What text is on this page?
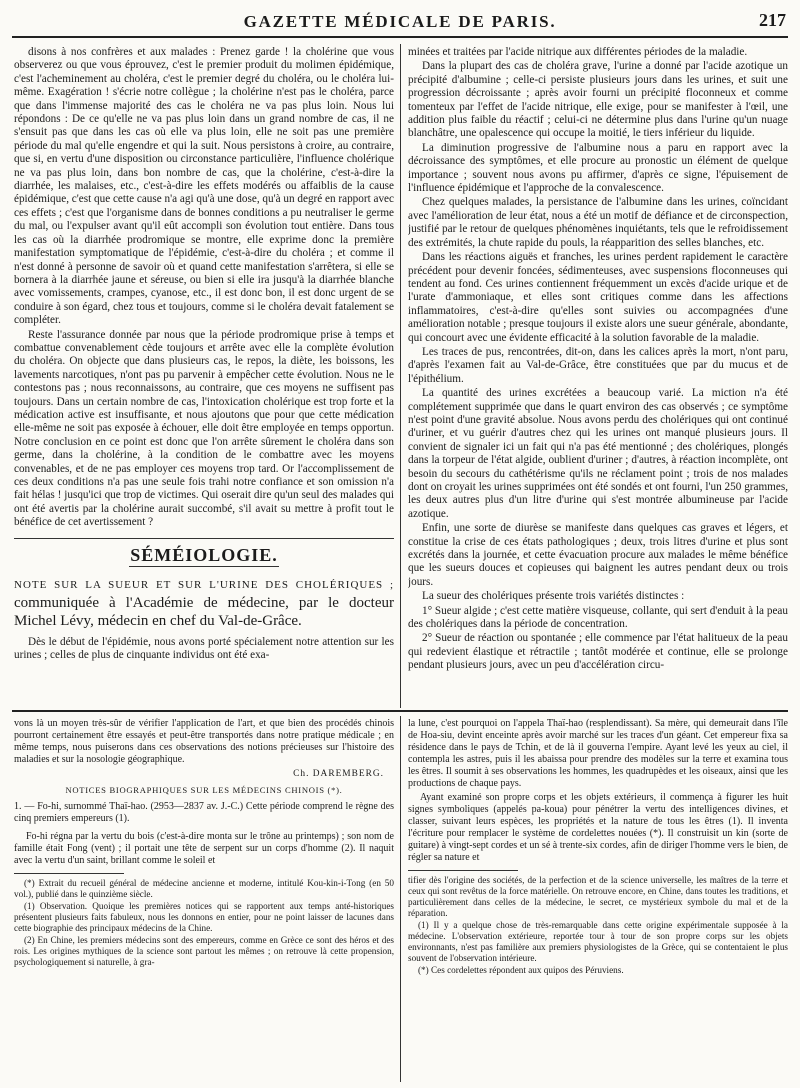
GAZETTE MÉDICALE DE PARIS.	217

disons à nos confrères et aux malades : Prenez garde ! la cholérine que vous observerez ou que vous éprouvez, c'est le premier produit du molimen épidémique, c'est l'acheminement au choléra, c'est le premier degré du choléra, ou le choléra lui-même. Exagération ! s'écrie notre collègue ; la cholérine n'est pas le choléra, parce que dans l'immense majorité des cas le choléra ne va pas plus loin. Nous lui répondons : De ce qu'elle ne va pas plus loin dans un grand nombre de cas, il ne s'ensuit pas que dans les cas où elle va plus loin, elle ne soit pas une première période du mal qu'elle engendre et qui la suit. Nous persistons à croire, au contraire, que si, en vertu d'une disposition ou circonstance particulière, l'influence cholérique ne va pas plus loin, dans bon nombre de cas, que la cholérine, c'est-à-dire la diarrhée, les malaises, etc., c'est-à-dire les effets modérés ou affaiblis de la cause épidémique, c'est que cette cause n'a agi qu'à une dose, qu'à un degré en rapport avec ces effets ; c'est que l'organisme dans de bonnes conditions a pu neutraliser le germe du mal, ou l'expulser avant qu'il eût accompli son évolution tout entière. Dans tous les cas où la diarrhée prodromique se montre, elle exprime donc la première manifestation symptomatique de l'épidémie, c'est-à-dire du choléra ; et comme il n'est donné à personne de savoir où et quand cette manifestation s'arrêtera, si elle se bornera à la diarrhée jaune et séreuse, ou bien si elle ira jusqu'à la diarrhée blanche avec vomissements, crampes, cyanose, etc., il est donc bon, il est donc urgent de se conduire à son égard, chez tous et toujours, comme si le choléra devait fatalement se compléter.

Reste l'assurance donnée par nous que la période prodromique prise à temps et combattue convenablement cède toujours et arrête avec elle la complète évolution du choléra. On objecte que dans plusieurs cas, le repos, la diète, les boissons, les lavements narcotiques, n'ont pas pu parvenir à empêcher cette évolution. Nous ne le contestons pas ; nous reconnaissons, au contraire, que ces moyens ne suffisent pas toujours. Dans un certain nombre de cas, l'intoxication cholérique est trop forte et la médication active est insuffisante, et nous ajoutons que pour que cette médication elle-même ne soit pas exposée à échouer, elle doit être employée en temps opportun. Notre conclusion en ce point est donc que l'on arrête sûrement le choléra dans son germe, dans la cholérine, à la condition de le combattre avec les moyens convenables, et de ne pas employer ces moyens trop tard. Or l'accomplissement de ces deux conditions n'a pas une seule fois trahi notre confiance et son omission n'a fait hélas ! jusqu'ici que trop de victimes. Qui oserait dire qu'un seul des malades qui ont été avertis par la cholérine aurait succombé, s'il avait su mettre à profit tout le bénéfice de cet avertissement ?

SÉMÉIOLOGIE.
NOTE SUR LA SUEUR ET SUR L'URINE DES CHOLÉRIQUES ; communiquée à l'Académie de médecine, par le docteur Michel Lévy, médecin en chef du Val-de-Grâce.

Dès le début de l'épidémie, nous avons porté spécialement notre attention sur les urines ; celles de plus de cinquante individus ont été exa-

minées et traitées par l'acide nitrique aux différentes périodes de la maladie.

Dans la plupart des cas de choléra grave, l'urine a donné par l'acide azotique un précipité d'albumine ; celle-ci persiste plusieurs jours dans les urines, et suit une progression décroissante ; après avoir fourni un précipité floconneux et comme tomenteux par l'effet de l'acide nitrique, elle exige, pour se manifester à l'œil, une addition plus faible du réactif ; celui-ci ne détermine plus dans l'urine qu'un nuage blanchâtre, une opalescence qui occupe la moitié, le tiers inférieur du liquide.

La diminution progressive de l'albumine nous a paru en rapport avec la décroissance des symptômes, et elle procure au pronostic un élément de quelque importance ; souvent nous avons pu affirmer, d'après ce signe, l'épuisement de l'influence épidémique et l'approche de la convalescence.

Chez quelques malades, la persistance de l'albumine dans les urines, coïncidant avec l'amélioration de leur état, nous a été un motif de défiance et de circonspection, justifié par le retour de quelques phénomènes inquiétants, tels que le refroidissement des extrémités, la chute rapide du pouls, la réapparition des selles blanches, etc.

Dans les réactions aiguës et franches, les urines perdent rapidement le caractère précédent pour devenir foncées, sédimenteuses, avec suspensions floconneuses qui tendent au fond. Ces urines contiennent fréquemment un excès d'acide urique et de l'urate d'ammoniaque, et elles sont critiques comme dans les affections inflammatoires, c'est-à-dire qu'elles sont suivies ou accompagnées d'une amélioration notable ; presque toujours il existe alors une sueur générale, abondante, qui concourt avec une évidente efficacité à la solution favorable de la maladie.

Les traces de pus, rencontrées, dit-on, dans les calices après la mort, n'ont paru, d'après l'examen fait au Val-de-Grâce, être constituées que par du mucus et de l'épithélium.

La quantité des urines excrétées a beaucoup varié. La miction n'a été complétement supprimée que dans le quart environ des cas observés ; ce symptôme n'est point d'une gravité absolue. Nous avons perdu des cholériques qui ont continué d'uriner, et vu guérir d'autres chez qui les urines ont manqué plusieurs jours. Il convient de signaler ici un fait qui n'a pas été mentionné ; des cholériques, plongés dans la torpeur de l'état algide, oublient d'uriner ; d'autres, à réaction incomplète, ont besoin du secours du cathétérisme qu'ils ne réclament point ; trois de nos malades dont on croyait les urines supprimées ont été sondés et ont fourni, l'un 250 grammes, les deux autres plus d'un litre d'urine qui s'est montrée albumineuse par l'acide azotique.

Enfin, une sorte de diurèse se manifeste dans quelques cas graves et légers, et constitue la crise de ces états pathologiques ; deux, trois litres d'urine et plus sont excrétés dans la journée, et cette évacuation procure aux malades le même bénéfice que les sueurs douces et copieuses qui baignent les autres pendant deux ou trois jours.

La sueur des cholériques présente trois variétés distinctes :

1° Sueur algide ; c'est cette matière visqueuse, collante, qui sert d'enduit à la peau des cholériques dans la période de concentration.

2° Sueur de réaction ou spontanée ; elle commence par l'état halitueux de la peau qui redevient élastique et rétractile ; tantôt modérée et continue, elle se prolonge pendant plusieurs jours, avec un peu d'accélération circu-

vons là un moyen très-sûr de vérifier l'application de l'art, et que bien des procédés chinois pourront certainement être essayés et peut-être transportés dans notre pratique médicale ; en même temps, nous puiserons dans ces observations des notions précieuses sur l'histoire des maladies et sur la nosologie géographique.

Ch. DAREMBERG.
NOTICES BIOGRAPHIQUES SUR LES MÉDECINS CHINOIS (*).
1. — Fo-hi, surnommé Thaï-hao. (2953—2837 av. J.-C.) Cette période comprend le règne des cinq premiers empereurs (1).

Fo-hi régna par la vertu du bois (c'est-à-dire monta sur le trône au printemps) ; son nom de famille était Fong (vent) ; il portait une tête de serpent sur un corps d'homme (2). Il naquit avec la vertu d'un saint, brillant comme le soleil et

(*) Extrait du recueil général de médecine ancienne et moderne, intitulé Kou-kin-i-Tong (en 50 vol.), publié dans le quinzième siècle.

(1) Observation. Quoique les premières notices qui se rapportent aux temps anté-historiques présentent plusieurs faits fabuleux, nous les donnons en entier, pour ne point laisser de lacunes dans cette biographie des principaux médecins de la Chine.

(2) En Chine, les premiers médecins sont des empereurs, comme en Grèce ce sont des héros et des rois. Les origines mythiques de la science sont partout les mêmes ; on retrouve là cette propension, psychologiquement si naturelle, à gra-

la lune, c'est pourquoi on l'appela Thaï-hao (resplendissant). Sa mère, qui demeurait dans l'île de Hoa-siu, devint enceinte après avoir marché sur les traces d'un géant. Cet empereur fixa sa résidence dans le pays de Tchin, et de là il gouverna l'empire. Ayant levé les yeux au ciel, il contempla les astres, puis il les abaissa pour prendre des modèles sur la terre et examina tous les êtres. Il soumit à ses observations les hommes, les quadrupèdes et les oiseaux, ainsi que les productions de chaque pays.

Ayant examiné son propre corps et les objets extérieurs, il commença à figurer les huit signes symboliques (appelés pa-koua) pour pénétrer la vertu des intelligences divines, et classer, suivant leurs espèces, les propriétés et la nature de tous les êtres (1). Il inventa l'écriture pour remplacer le système de cordelettes nouées (*). Il construisit un kin (sorte de guitare) à vingt-sept cordes et un sé à trente-six cordes, afin de diriger l'homme vers le bien, de régler sa nature et

tifier dès l'origine des sociétés, de la perfection et de la science universelle, les maîtres de la terre et ceux qui sont revêtus de la force matérielle. On retrouve encore, en Chine, dans toutes les traditions, et particulièrement dans celles de la médecine, le secret, ce mystérieux symbole du mal et de la réparation.

(1) Il y a quelque chose de très-remarquable dans cette origine expérimentale supposée à la médecine. L'observation extérieure, reportée tour à tour de son propre corps sur les objets environnants, n'est pas familière aux premiers physiologistes de la Grèce, qui se contentaient le plus souvent de l'observation intérieure.

(*) Ces cordelettes répondent aux quipos des Péruviens.
